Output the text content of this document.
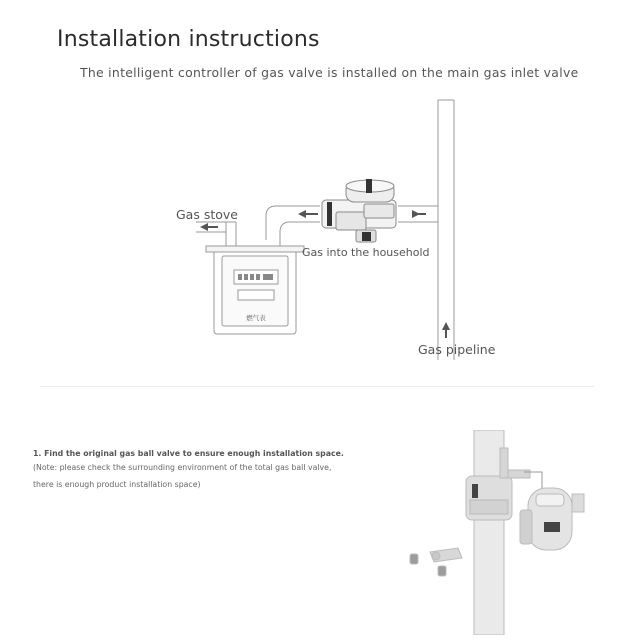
Installation instructions
The intelligent controller of gas valve is installed on the main gas inlet valve
燃气表
Gas stove
Gas into the household
Gas pipeline
1. Find the original gas ball valve to ensure enough installation space.
(Note: please check the surrounding environment of the total gas ball valve,
there is enough product installation space)
